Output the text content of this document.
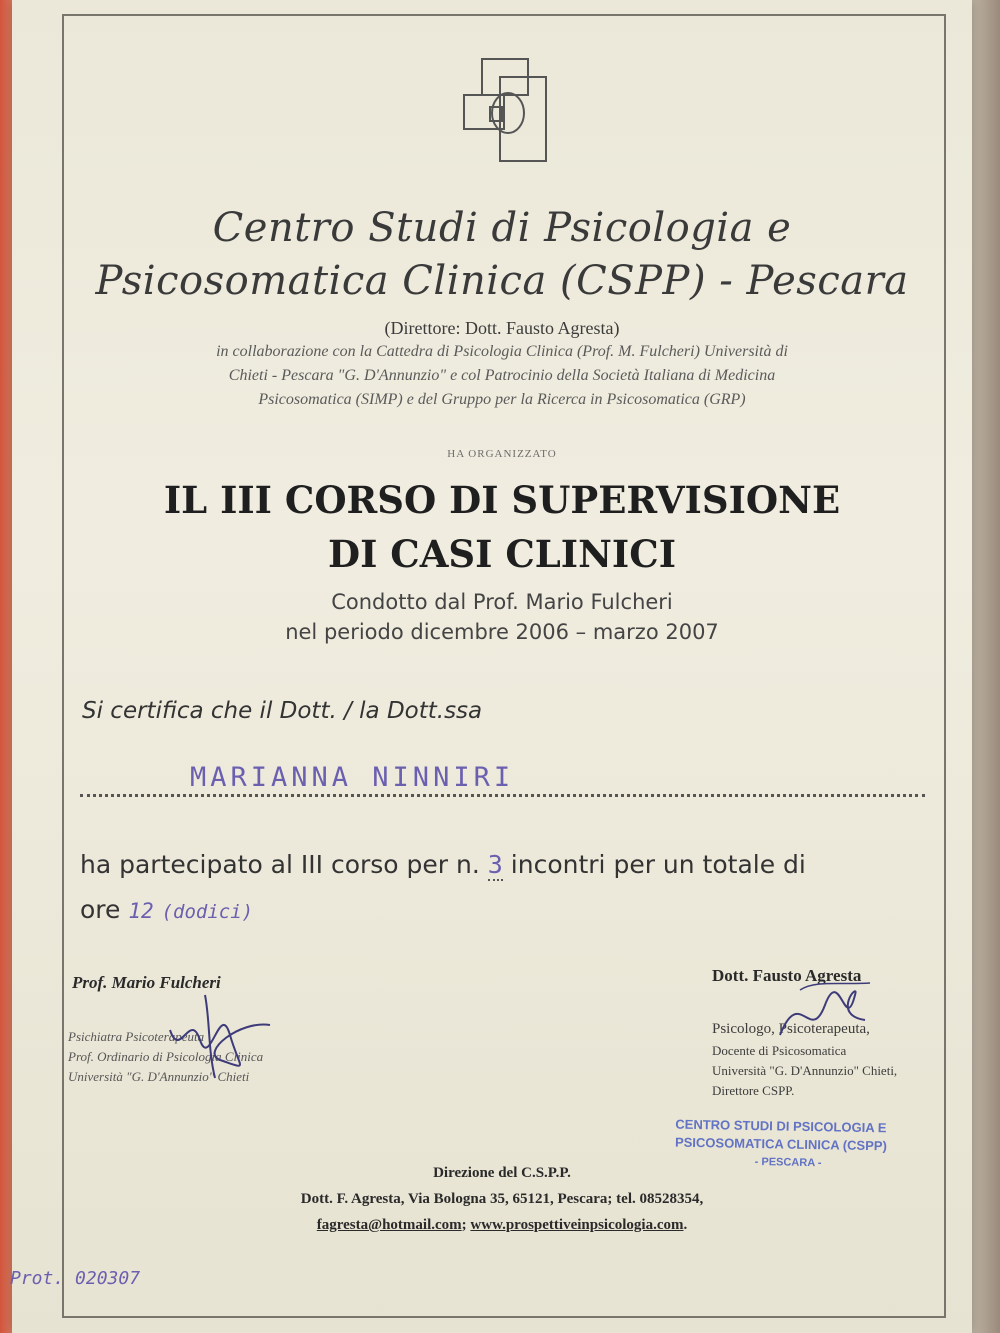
Centro Studi di Psicologia e
Psicosomatica Clinica (CSPP) - Pescara
(Direttore: Dott. Fausto Agresta)
in collaborazione con la Cattedra di Psicologia Clinica (Prof. M. Fulcheri) Università di
Chieti - Pescara "G. D'Annunzio" e col Patrocinio della Società Italiana di Medicina
Psicosomatica (SIMP) e del Gruppo per la Ricerca in Psicosomatica (GRP)
HA ORGANIZZATO
IL III CORSO DI SUPERVISIONE
DI CASI CLINICI
Condotto dal Prof. Mario Fulcheri
nel periodo dicembre 2006 – marzo 2007
Si certifica che il Dott. / la Dott.ssa
MARIANNA NINNIRI
ha partecipato al III corso per n. 3 incontri per un totale di
ore 12 (dodici)
Prof. Mario Fulcheri
Psichiatra Psicoterapeuta
Prof. Ordinario di Psicologia Clinica
Università "G. D'Annunzio" Chieti
Dott. Fausto Agresta
Psicologo, Psicoterapeuta,
Docente di Psicosomatica
Università "G. D'Annunzio" Chieti,
Direttore CSPP.
CENTRO STUDI DI PSICOLOGIA E
PSICOSOMATICA CLINICA (CSPP)
- PESCARA -
Direzione del C.S.P.P.
Dott. F. Agresta, Via Bologna 35, 65121, Pescara; tel. 08528354,
fagresta@hotmail.com; www.prospettiveinpsicologia.com.
Prot. 020307
